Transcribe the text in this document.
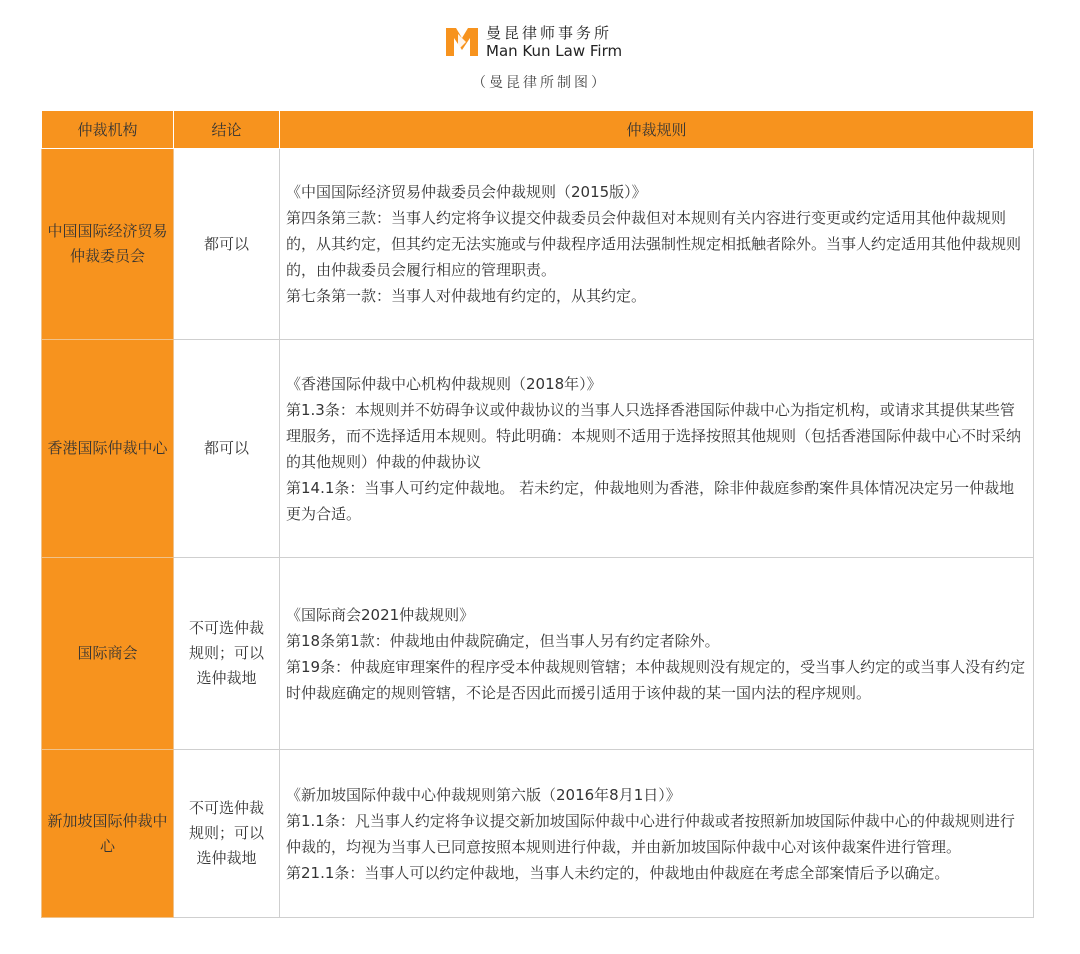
曼昆律师事务所
Man Kun Law Firm
（曼昆律所制图）
仲裁机构	结论	仲裁规则
中国国际经济贸易仲裁委员会	都可以	《中国国际经济贸易仲裁委员会仲裁规则（2015版）》
第四条第三款：当事人约定将争议提交仲裁委员会仲裁但对本规则有关内容进行变更或约定适用其他仲裁规则的，从其约定，但其约定无法实施或与仲裁程序适用法强制性规定相抵触者除外。当事人约定适用其他仲裁规则的，由仲裁委员会履行相应的管理职责。
第七条第一款：当事人对仲裁地有约定的，从其约定。

香港国际仲裁中心	都可以	《香港国际仲裁中心机构仲裁规则（2018年）》
第1.3条：本规则并不妨碍争议或仲裁协议的当事人只选择香港国际仲裁中心为指定机构，或请求其提供某些管理服务，而不选择适用本规则。特此明确：本规则不适用于选择按照其他规则（包括香港国际仲裁中心不时采纳的其他规则）仲裁的仲裁协议
第14.1条：当事人可约定仲裁地。 若未约定，仲裁地则为香港，除非仲裁庭参酌案件具体情况决定另一仲裁地更为合适。

国际商会	不可选仲裁规则；可以选仲裁地	《国际商会2021仲裁规则》
第18条第1款：仲裁地由仲裁院确定，但当事人另有约定者除外。
第19条：仲裁庭审理案件的程序受本仲裁规则管辖；本仲裁规则没有规定的，受当事人约定的或当事人没有约定时仲裁庭确定的规则管辖，不论是否因此而援引适用于该仲裁的某一国内法的程序规则。

新加坡国际仲裁中心	不可选仲裁规则；可以选仲裁地	《新加坡国际仲裁中心仲裁规则第六版（2016年8月1日）》
第1.1条：凡当事人约定将争议提交新加坡国际仲裁中心进行仲裁或者按照新加坡国际仲裁中心的仲裁规则进行仲裁的，均视为当事人已同意按照本规则进行仲裁，并由新加坡国际仲裁中心对该仲裁案件进行管理。
第21.1条：当事人可以约定仲裁地，当事人未约定的，仲裁地由仲裁庭在考虑全部案情后予以确定。
